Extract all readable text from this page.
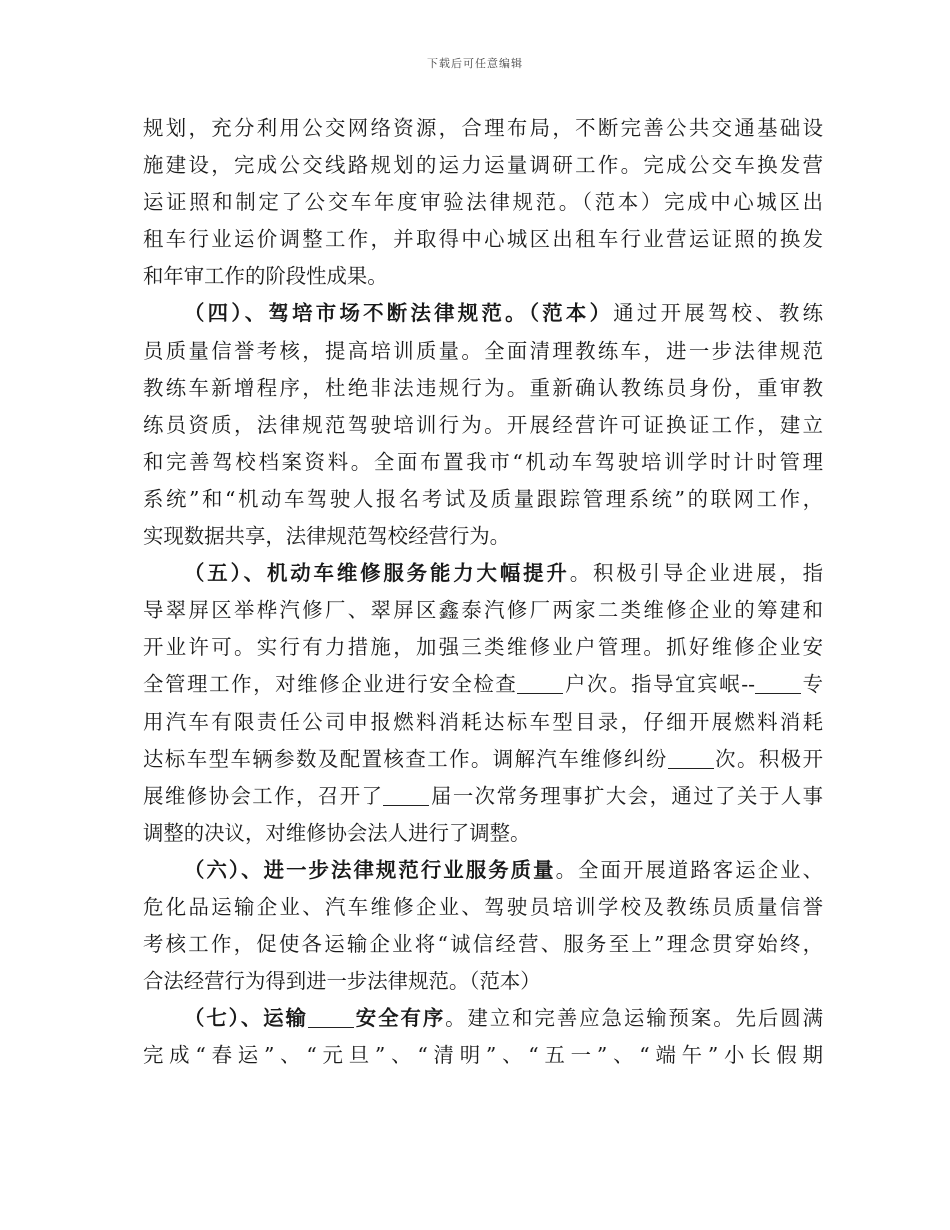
下载后可任意编辑
规划，充分利用公交网络资源，合理布局，不断完善公共交通基础设
施建设，完成公交线路规划的运力运量调研工作。完成公交车换发营
运证照和制定了公交车年度审验法律规范。（范本）完成中心城区出
租车行业运价调整工作，并取得中心城区出租车行业营运证照的换发
和年审工作的阶段性成果。
（四）、驾培市场不断法律规范。（范本）通过开展驾校、教练
员质量信誉考核，提高培训质量。全面清理教练车，进一步法律规范
教练车新增程序，杜绝非法违规行为。重新确认教练员身份，重审教
练员资质，法律规范驾驶培训行为。开展经营许可证换证工作，建立
和完善驾校档案资料。全面布置我市“机动车驾驶培训学时计时管理
系统”和“机动车驾驶人报名考试及质量跟踪管理系统”的联网工作，
实现数据共享，法律规范驾校经营行为。
（五）、机动车维修服务能力大幅提升。积极引导企业进展，指
导翠屏区举桦汽修厂、翠屏区鑫泰汽修厂两家二类维修企业的筹建和
开业许可。实行有力措施，加强三类维修业户管理。抓好维修企业安
全管理工作，对维修企业进行安全检查 户次。指导宜宾岷-- 专
用汽车有限责任公司申报燃料消耗达标车型目录，仔细开展燃料消耗
达标车型车辆参数及配置核查工作。调解汽车维修纠纷 次。积极开
展维修协会工作，召开了 届一次常务理事扩大会，通过了关于人事
调整的决议，对维修协会法人进行了调整。
（六）、进一步法律规范行业服务质量。全面开展道路客运企业、
危化品运输企业、汽车维修企业、驾驶员培训学校及教练员质量信誉
考核工作，促使各运输企业将“诚信经营、服务至上”理念贯穿始终，
合法经营行为得到进一步法律规范。（范本）
（七）、运输 安全有序。建立和完善应急运输预案。先后圆满
完成“春运”、“元旦”、“清明”、“五一”、“端午”小长假期
